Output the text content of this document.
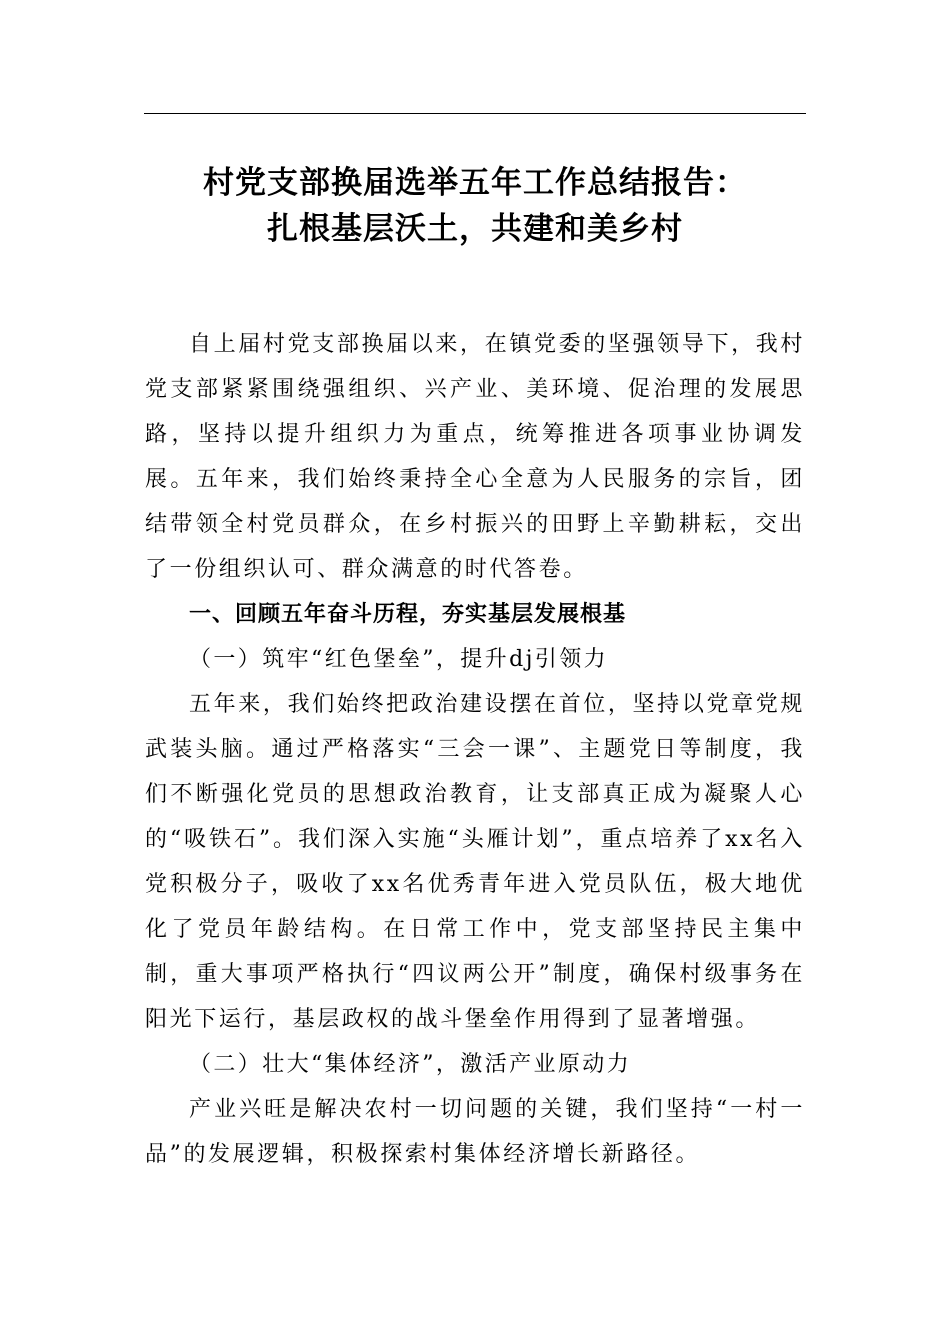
村党支部换届选举五年工作总结报告：
扎根基层沃土，共建和美乡村

自上届村党支部换届以来，在镇党委的坚强领导下，我村党支部紧紧围绕强组织、兴产业、美环境、促治理的发展思路，坚持以提升组织力为重点，统筹推进各项事业协调发展。五年来，我们始终秉持全心全意为人民服务的宗旨，团结带领全村党员群众，在乡村振兴的田野上辛勤耕耘，交出了一份组织认可、群众满意的时代答卷。

一、回顾五年奋斗历程，夯实基层发展根基

（一）筑牢“红色堡垒”，提升dj引领力

五年来，我们始终把政治建设摆在首位，坚持以党章党规武装头脑。通过严格落实“三会一课”、主题党日等制度，我们不断强化党员的思想政治教育，让支部真正成为凝聚人心的“吸铁石”。我们深入实施“头雁计划”，重点培养了xx名入党积极分子，吸收了xx名优秀青年进入党员队伍，极大地优化了党员年龄结构。在日常工作中，党支部坚持民主集中制，重大事项严格执行“四议两公开”制度，确保村级事务在阳光下运行，基层政权的战斗堡垒作用得到了显著增强。

（二）壮大“集体经济”，激活产业原动力

产业兴旺是解决农村一切问题的关键，我们坚持“一村一品”的发展逻辑，积极探索村集体经济增长新路径。
